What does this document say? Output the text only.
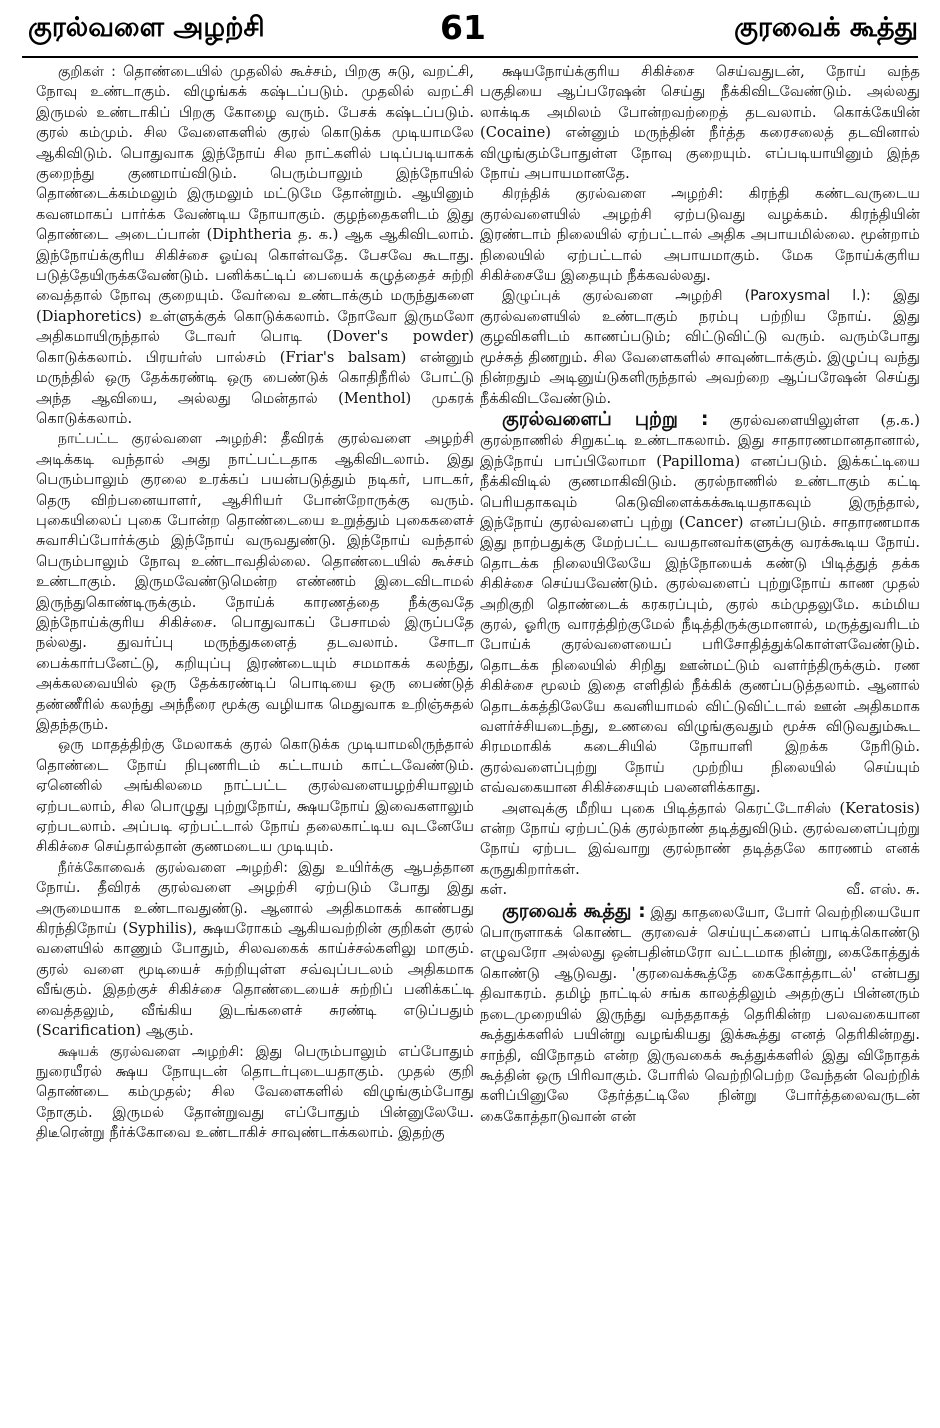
குரல்வளை அழற்சி	61	குரவைக் கூத்து

குறிகள் : தொண்டையில் முதலில் கூச்சம், பிறகு சுடு, வறட்சி, நோவு உண்டாகும். விழுங்கக் கஷ்டப்படும். முதலில் வறட்சி இருமல் உண்டாகிப் பிறகு கோழை வரும். பேசக் கஷ்டப்படும். குரல் கம்மும். சில வேளைகளில் குரல் கொடுக்க முடியாமலே ஆகிவிடும். பொதுவாக இந்நோய் சில நாட்களில் படிப்படியாகக் குறைந்து குணமாய்விடும். பெரும்பாலும் இந்நோயில் தொண்டைக்கம்மலும் இருமலும் மட்டுமே தோன்றும். ஆயினும் கவனமாகப் பார்க்க வேண்டிய நோயாகும். குழந்தைகளிடம் இது தொண்டை அடைப்பான் (Diphtheria த. க.) ஆக ஆகிவிடலாம். இந்நோய்க்குரிய சிகிச்சை ஓய்வு கொள்வதே. பேசவே கூடாது. படுத்தேயிருக்கவேண்டும். பனிக்கட்டிப் பையைக் கழுத்தைச் சுற்றி வைத்தால் நோவு குறையும். வேர்வை உண்டாக்கும் மருந்துகளை (Diaphoretics) உள்ளுக்குக் கொடுக்கலாம். நோவோ இருமலோ அதிகமாயிருந்தால் டோவர் பொடி (Dover's powder) கொடுக்கலாம். பிரயர்ஸ் பால்சம் (Friar's balsam) என்னும் மருந்தில் ஒரு தேக்கரண்டி ஒரு பைண்டுக் கொதிநீரில் போட்டு அந்த ஆவியை, அல்லது மென்தால் (Menthol) முகரக் கொடுக்கலாம்.

நாட்பட்ட குரல்வளை அழற்சி: தீவிரக் குரல்வளை அழற்சி அடிக்கடி வந்தால் அது நாட்பட்டதாக ஆகிவிடலாம். இது பெரும்பாலும் குரலை உரக்கப் பயன்படுத்தும் நடிகர், பாடகர், தெரு விற்பனையாளர், ஆசிரியர் போன்றோருக்கு வரும். புகையிலைப் புகை போன்ற தொண்டையை உறுத்தும் புகைகளைச் சுவாசிப்போர்க்கும் இந்நோய் வருவதுண்டு. இந்நோய் வந்தால் பெரும்பாலும் நோவு உண்டாவதில்லை. தொண்டையில் கூச்சம் உண்டாகும். இருமவேண்டுமென்ற எண்ணம் இடைவிடாமல் இருந்துகொண்டிருக்கும். நோய்க் காரணத்தை நீக்குவதே இந்நோய்க்குரிய சிகிச்சை. பொதுவாகப் பேசாமல் இருப்பதே நல்லது. துவர்ப்பு மருந்துகளைத் தடவலாம். சோடா பைக்கார்பனேட்டு, கறியுப்பு இரண்டையும் சமமாகக் கலந்து, அக்கலவையில் ஒரு தேக்கரண்டிப் பொடியை ஒரு பைண்டுத் தண்ணீரில் கலந்து அந்நீரை மூக்கு வழியாக மெதுவாக உறிஞ்சுதல் இதந்தரும்.

ஒரு மாதத்திற்கு மேலாகக் குரல் கொடுக்க முடியாமலிருந்தால் தொண்டை நோய் நிபுணரிடம் கட்டாயம் காட்டவேண்டும். ஏனெனில் அங்கிலமை நாட்பட்ட குரல்வளையழற்சியாலும் ஏற்படலாம், சில பொழுது புற்றுநோய், க்ஷயநோய் இவைகளாலும் ஏற்படலாம். அப்படி ஏற்பட்டால் நோய் தலைகாட்டிய வுடனேயே சிகிச்சை செய்தால்தான் குணமடைய முடியும்.

நீர்க்கோவைக் குரல்வளை அழற்சி: இது உயிர்க்கு ஆபத்தான நோய். தீவிரக் குரல்வளை அழற்சி ஏற்படும் போது இது அருமையாக உண்டாவதுண்டு. ஆனால் அதிகமாகக் காண்பது கிரந்திநோய் (Syphilis), க்ஷயரோகம் ஆகியவற்றின் குறிகள் குரல் வளையில் காணும் போதும், சிலவகைக் காய்ச்சல்களிலு மாகும். குரல் வளை மூடியைச் சுற்றியுள்ள சவ்வுப்படலம் அதிகமாக வீங்கும். இதற்குச் சிகிச்சை தொண்டையைச் சுற்றிப் பனிக்கட்டி வைத்தலும், வீங்கிய இடங்களைச் சுரண்டி எடுப்பதும் (Scarification) ஆகும்.

க்ஷயக் குரல்வளை அழற்சி: இது பெரும்பாலும் எப்போதும் நுரையீரல் க்ஷய நோயுடன் தொடர்புடையதாகும். முதல் குறி தொண்டை கம்முதல்; சில வேளைகளில் விழுங்கும்போது நோகும். இருமல் தோன்றுவது எப்போதும் பின்னுலேயே. திடீரென்று நீர்க்கோவை உண்டாகிச் சாவுண்டாக்கலாம். இதற்கு

க்ஷயநோய்க்குரிய சிகிச்சை செய்வதுடன், நோய் வந்த பகுதியை ஆப்பரேஷன் செய்து நீக்கிவிடவேண்டும். அல்லது லாக்டிக அமிலம் போன்றவற்றைத் தடவலாம். கொக்கேயின் (Cocaine) என்னும் மருந்தின் நீர்த்த கரைசலைத் தடவினால் விழுங்கும்போதுள்ள நோவு குறையும். எப்படியாயினும் இந்த நோய் அபாயமானதே.

கிரந்திக் குரல்வளை அழற்சி: கிரந்தி கண்டவருடைய குரல்வளையில் அழற்சி ஏற்படுவது வழக்கம். கிரந்தியின் இரண்டாம் நிலையில் ஏற்பட்டால் அதிக அபாயமில்லை. மூன்றாம் நிலையில் ஏற்பட்டால் அபாயமாகும். மேக நோய்க்குரிய சிகிச்சையே இதையும் நீக்கவல்லது.

இழுப்புக் குரல்வளை அழற்சி (Paroxysmal l.): இது குரல்வளையில் உண்டாகும் நரம்பு பற்றிய நோய். இது குழவிகளிடம் காணப்படும்; விட்டுவிட்டு வரும். வரும்போது மூச்சுத் திணறும். சில வேளைகளில் சாவுண்டாக்கும். இழுப்பு வந்து நின்றதும் அடினுய்டுகளிருந்தால் அவற்றை ஆப்பரேஷன் செய்து நீக்கிவிடவேண்டும்.

குரல்வளைப் புற்று : குரல்வளையிலுள்ள (த.க.) குரல்நாணில் சிறுகட்டி உண்டாகலாம். இது சாதாரணமானதானால், இந்நோய் பாப்பிலோமா (Papilloma) எனப்படும். இக்கட்டியை நீக்கிவிடில் குணமாகிவிடும். குரல்நாணில் உண்டாகும் கட்டி பெரியதாகவும் கெடுவிளைக்கக்கூடியதாகவும் இருந்தால், இந்நோய் குரல்வளைப் புற்று (Cancer) எனப்படும். சாதாரணமாக இது நாற்பதுக்கு மேற்பட்ட வயதானவர்களுக்கு வரக்கூடிய நோய். தொடக்க நிலையிலேயே இந்நோயைக் கண்டு பிடித்துத் தக்க சிகிச்சை செய்யவேண்டும். குரல்வளைப் புற்றுநோய் காண முதல் அறிகுறி தொண்டைக் கரகரப்பும், குரல் கம்முதலுமே. கம்மிய குரல், ஓரிரு வாரத்திற்குமேல் நீடித்திருக்குமானால், மருத்துவரிடம் போய்க் குரல்வளையைப் பரிசோதித்துக்கொள்ளவேண்டும். தொடக்க நிலையில் சிறிது ஊன்மட்டும் வளர்ந்திருக்கும். ரண சிகிச்சை மூலம் இதை எளிதில் நீக்கிக் குணப்படுத்தலாம். ஆனால் தொடக்கத்திலேயே கவனியாமல் விட்டுவிட்டால் ஊன் அதிகமாக வளர்ச்சியடைந்து, உணவை விழுங்குவதும் மூச்சு விடுவதும்கூட சிரமமாகிக் கடைசியில் நோயாளி இறக்க நேரிடும். குரல்வளைப்புற்று நோய் முற்றிய நிலையில் செய்யும் எவ்வகையான சிகிச்சையும் பலனளிக்காது.

அளவுக்கு மீறிய புகை பிடித்தால் கெரட்டோசிஸ் (Keratosis) என்ற நோய் ஏற்பட்டுக் குரல்நாண் தடித்துவிடும். குரல்வளைப்புற்று நோய் ஏற்பட இவ்வாறு குரல்நாண் தடித்தலே காரணம் எனக் கருதுகிறார்கள்.

கள்.	வீ. எஸ். சு.

குரவைக் கூத்து : இது காதலையோ, போர் வெற்றியையோ பொருளாகக் கொண்ட குரவைச் செய்யுட்களைப் பாடிக்கொண்டு எழுவரோ அல்லது ஒன்பதின்மரோ வட்டமாக நின்று, கைகோத்துக் கொண்டு ஆடுவது. 'குரவைக்கூத்தே கைகோத்தாடல்' என்பது திவாகரம். தமிழ் நாட்டில் சங்க காலத்திலும் அதற்குப் பின்னரும் நடைமுறையில் இருந்து வந்ததாகத் தெரிகின்ற பலவகையான கூத்துக்களில் பயின்று வழங்கியது இக்கூத்து எனத் தெரிகின்றது. சாந்தி, விநோதம் என்ற இருவகைக் கூத்துக்களில் இது விநோதக் கூத்தின் ஒரு பிரிவாகும். போரில் வெற்றிபெற்ற வேந்தன் வெற்றிக் களிப்பினுலே தேர்த்தட்டிலே நின்று போர்த்தலைவருடன் கைகோத்தாடுவான் என்
